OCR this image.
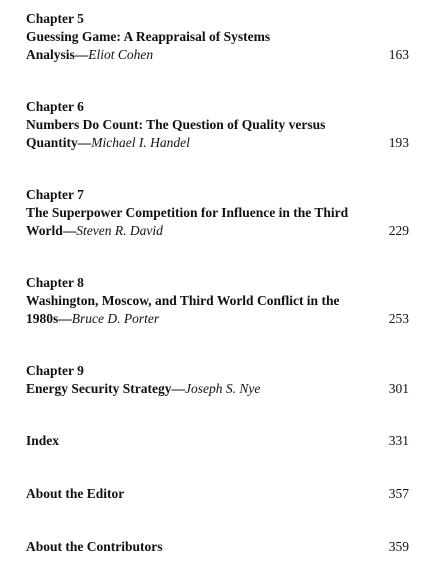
Chapter 5
Guessing Game: A Reappraisal of Systems
Analysis—Eliot Cohen	163
Chapter 6
Numbers Do Count: The Question of Quality versus
Quantity—Michael I. Handel	193
Chapter 7
The Superpower Competition for Influence in the Third
World—Steven R. David	229
Chapter 8
Washington, Moscow, and Third World Conflict in the
1980s—Bruce D. Porter	253
Chapter 9
Energy Security Strategy—Joseph S. Nye	301
Index	331
About the Editor	357
About the Contributors	359
